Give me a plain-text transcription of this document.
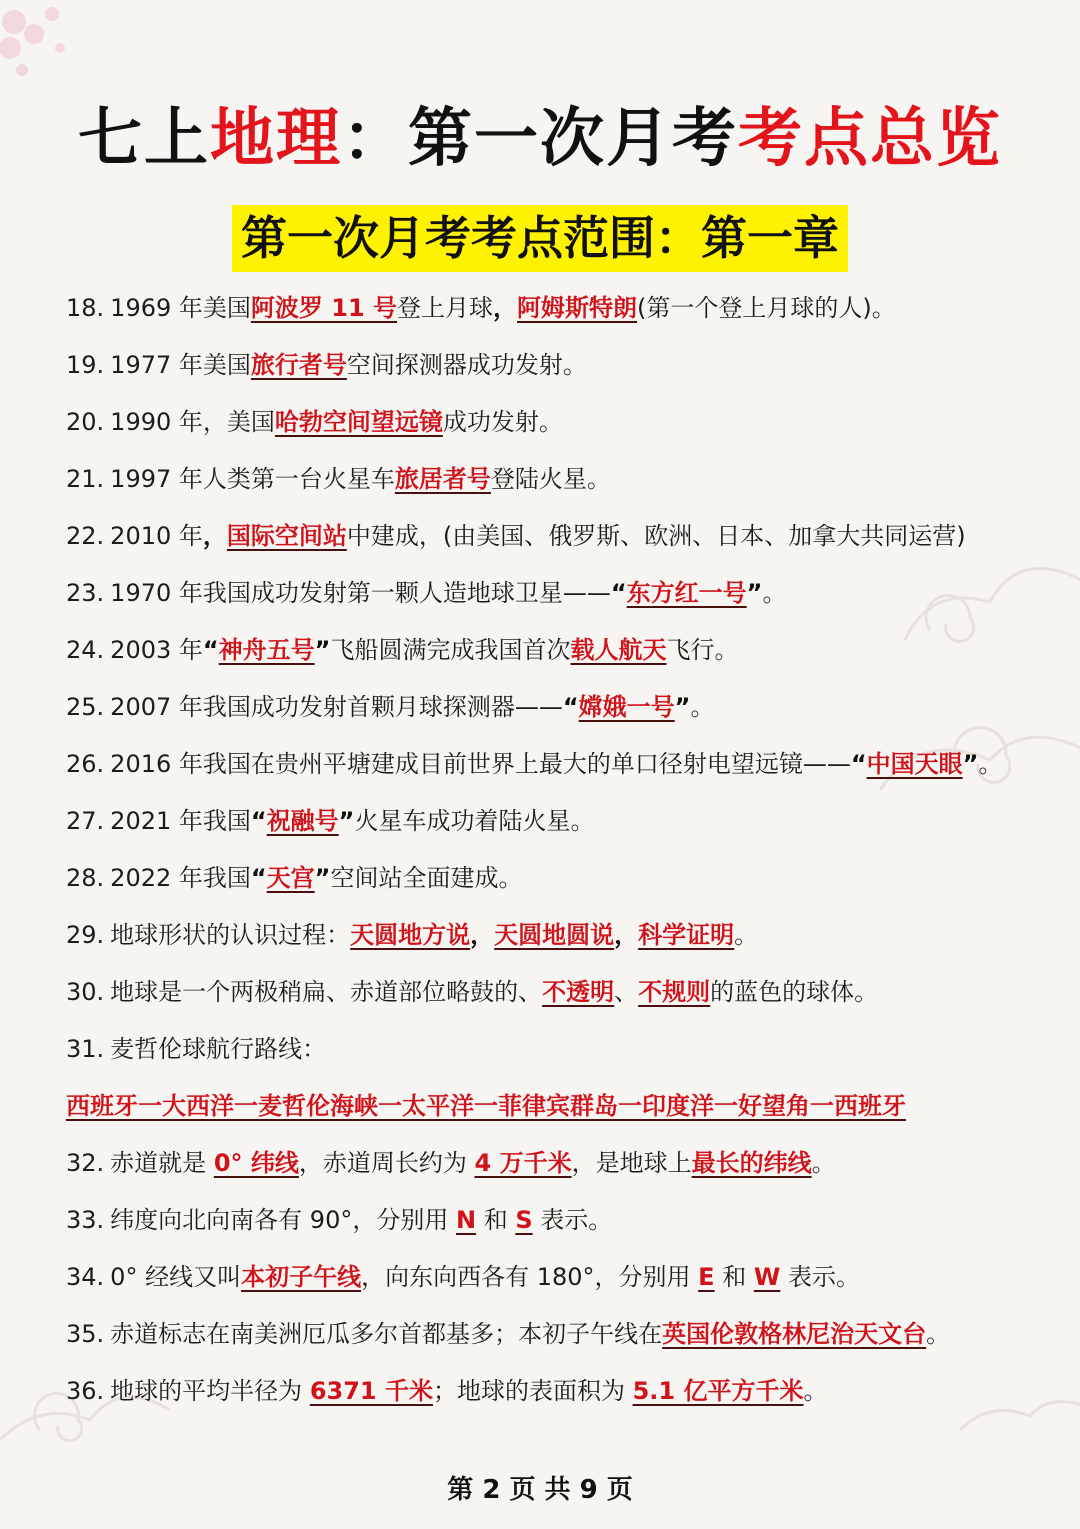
七上地理：第一次月考考点总览
第一次月考考点范围：第一章
18. 1969 年美国阿波罗 11 号登上月球，阿姆斯特朗(第一个登上月球的人)。
19. 1977 年美国旅行者号空间探测器成功发射。
20. 1990 年，美国哈勃空间望远镜成功发射。
21. 1997 年人类第一台火星车旅居者号登陆火星。
22. 2010 年，国际空间站中建成，(由美国、俄罗斯、欧洲、日本、加拿大共同运营)
23. 1970 年我国成功发射第一颗人造地球卫星——“东方红一号”。
24. 2003 年“神舟五号”飞船圆满完成我国首次载人航天飞行。
25. 2007 年我国成功发射首颗月球探测器——“嫦娥一号”。
26. 2016 年我国在贵州平塘建成目前世界上最大的单口径射电望远镜——“中国天眼”。
27. 2021 年我国“祝融号”火星车成功着陆火星。
28. 2022 年我国“天宫”空间站全面建成。
29. 地球形状的认识过程：天圆地方说，天圆地圆说，科学证明。
30. 地球是一个两极稍扁、赤道部位略鼓的、不透明、不规则的蓝色的球体。
31. 麦哲伦球航行路线：
西班牙一大西洋一麦哲伦海峡一太平洋一菲律宾群岛一印度洋一好望角一西班牙
32. 赤道就是 0° 纬线，赤道周长约为 4 万千米，是地球上最长的纬线。
33. 纬度向北向南各有 90°，分别用 N 和 S 表示。
34. 0° 经线又叫本初子午线，向东向西各有 180°，分别用 E 和 W 表示。
35. 赤道标志在南美洲厄瓜多尔首都基多；本初子午线在英国伦敦格林尼治天文台。
36. 地球的平均半径为 6371 千米；地球的表面积为 5.1 亿平方千米。
第 2 页 共 9 页
